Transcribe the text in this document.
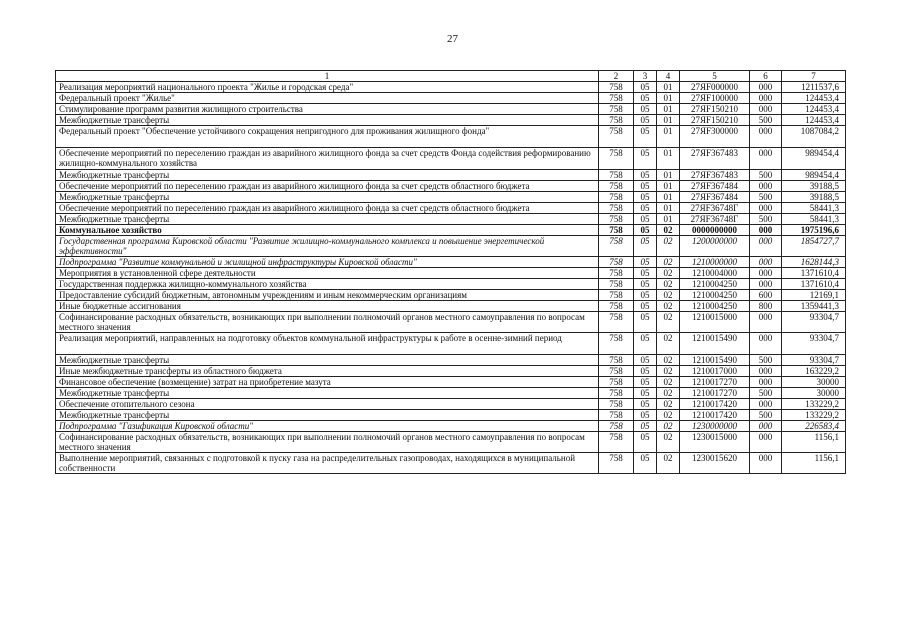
27
1	2	3	4	5	6	7
Реализация мероприятий национального проекта "Жилье и городская среда"	758	05	01	27ЯF000000	000	1211537,6
Федеральный проект "Жилье"	758	05	01	27ЯF100000	000	124453,4
Стимулирование программ развития жилищного строительства	758	05	01	27ЯF150210	000	124453,4
Межбюджетные трансферты	758	05	01	27ЯF150210	500	124453,4
Федеральный проект "Обеспечение устойчивого сокращения непригодного для проживания жилищного фонда"	758	05	01	27ЯF300000	000	1087084,2
Обеспечение мероприятий по переселению граждан из аварийного жилищного фонда за счет средств Фонда содействия реформированию жилищно-коммунального хозяйства	758	05	01	27ЯF367483	000	989454,4
Межбюджетные трансферты	758	05	01	27ЯF367483	500	989454,4
Обеспечение мероприятий по переселению граждан из аварийного жилищного фонда за счет средств областного бюджета	758	05	01	27ЯF367484	000	39188,5
Межбюджетные трансферты	758	05	01	27ЯF367484	500	39188,5
Обеспечение мероприятий по переселению граждан из аварийного жилищного фонда за счет средств областного бюджета	758	05	01	27ЯF36748Г	000	58441,3
Межбюджетные трансферты	758	05	01	27ЯF36748Г	500	58441,3
Коммунальное хозяйство	758	05	02	0000000000	000	1975196,6
Государственная программа Кировской области "Развитие жилищно-коммунального комплекса и повышение энергетической эффективности"	758	05	02	1200000000	000	1854727,7
Подпрограмма "Развитие коммунальной и жилищной инфраструктуры Кировской области"	758	05	02	1210000000	000	1628144,3
Мероприятия в установленной сфере деятельности	758	05	02	1210004000	000	1371610,4
Государственная поддержка жилищно-коммунального хозяйства	758	05	02	1210004250	000	1371610,4
Предоставление субсидий бюджетным, автономным учреждениям и иным некоммерческим организациям	758	05	02	1210004250	600	12169,1
Иные бюджетные ассигнования	758	05	02	1210004250	800	1359441,3
Софинансирование расходных обязательств, возникающих при выполнении полномочий органов местного самоуправления по вопросам местного значения	758	05	02	1210015000	000	93304,7
Реализация мероприятий, направленных на подготовку объектов коммунальной инфраструктуры к работе в осенне-зимний период	758	05	02	1210015490	000	93304,7
Межбюджетные трансферты	758	05	02	1210015490	500	93304,7
Иные межбюджетные трансферты из областного бюджета	758	05	02	1210017000	000	163229,2
Финансовое обеспечение (возмещение) затрат на приобретение мазута	758	05	02	1210017270	000	30000
Межбюджетные трансферты	758	05	02	1210017270	500	30000
Обеспечение отопительного сезона	758	05	02	1210017420	000	133229,2
Межбюджетные трансферты	758	05	02	1210017420	500	133229,2
Подпрограмма "Газификация Кировской области"	758	05	02	1230000000	000	226583,4
Софинансирование расходных обязательств, возникающих при выполнении полномочий органов местного самоуправления по вопросам местного значения	758	05	02	1230015000	000	1156,1
Выполнение мероприятий, связанных с подготовкой к пуску газа на распределительных газопроводах, находящихся в муниципальной собственности	758	05	02	1230015620	000	1156,1
